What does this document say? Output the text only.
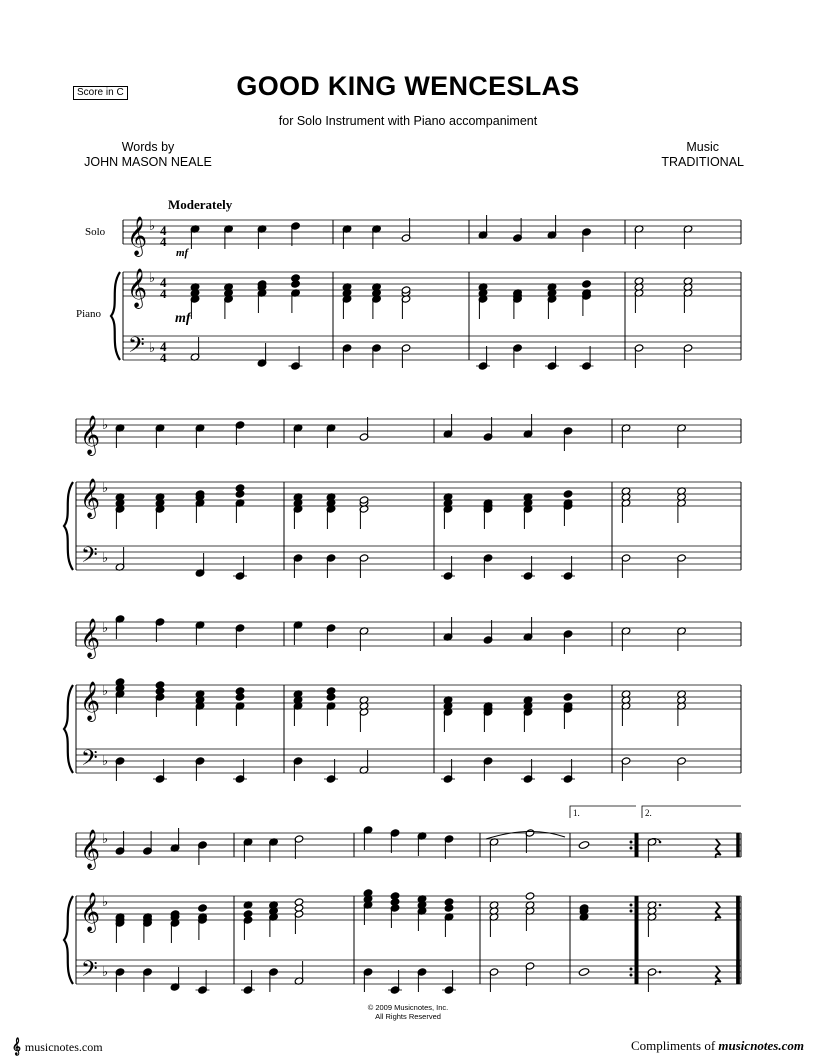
Score in C	GOOD KING WENCESLAS
for Solo Instrument with Piano accompaniment
Words by
JOHN MASON NEALE
Music
TRADITIONAL
𝄞
𝄞
𝄢
♭
♭
♭
𝄞
𝄞
𝄢
♭
♭
♭
𝄞
𝄞
𝄢
♭
♭
♭
𝄞
𝄞
𝄢
♭
♭
♭
4
4
4
4
4
4
Moderately
Solo
Piano
mf
mf
1.	2.
© 2009 Musicnotes, Inc.
All Rights Reserved
𝄞 musicnotes.com	Compliments of musicnotes.com
